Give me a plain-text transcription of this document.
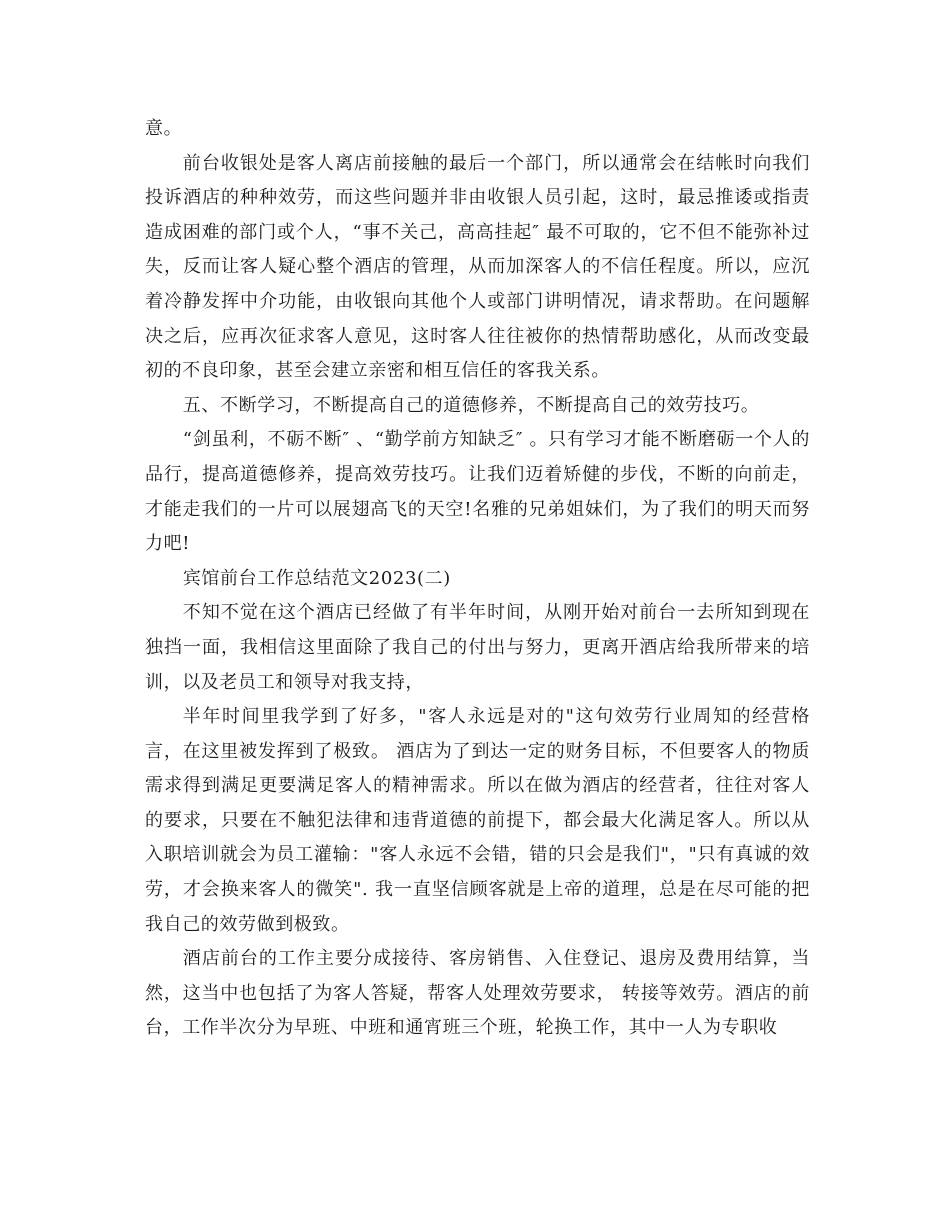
意。

前台收银处是客人离店前接触的最后一个部门，所以通常会在结帐时向我们投诉酒店的种种效劳，而这些问题并非由收银人员引起，这时，最忌推诿或指责造成困难的部门或个人，“事不关己，高高挂起″ 最不可取的，它不但不能弥补过失，反而让客人疑心整个酒店的管理，从而加深客人的不信任程度。所以，应沉着冷静发挥中介功能，由收银向其他个人或部门讲明情况，请求帮助。在问题解决之后，应再次征求客人意见，这时客人往往被你的热情帮助感化，从而改变最初的不良印象，甚至会建立亲密和相互信任的客我关系。

五、不断学习，不断提高自己的道德修养，不断提高自己的效劳技巧。

“剑虽利，不砺不断″ 、“勤学前方知缺乏″ 。只有学习才能不断磨砺一个人的品行，提高道德修养，提高效劳技巧。让我们迈着矫健的步伐，不断的向前走，才能走我们的一片可以展翅高飞的天空!名雅的兄弟姐妹们，为了我们的明天而努力吧!

宾馆前台工作总结范文2023(二)

不知不觉在这个酒店已经做了有半年时间，从刚开始对前台一去所知到现在独挡一面，我相信这里面除了我自己的付出与努力，更离开酒店给我所带来的培训，以及老员工和领导对我支持，

半年时间里我学到了好多，"客人永远是对的"这句效劳行业周知的经营格言，在这里被发挥到了极致。 酒店为了到达一定的财务目标，不但要客人的物质需求得到满足更要满足客人的精神需求。所以在做为酒店的经营者，往往对客人的要求，只要在不触犯法律和违背道德的前提下，都会最大化满足客人。所以从入职培训就会为员工灌输："客人永远不会错，错的只会是我们"，"只有真诚的效劳，才会换来客人的微笑". 我一直坚信顾客就是上帝的道理，总是在尽可能的把我自己的效劳做到极致。

酒店前台的工作主要分成接待、客房销售、入住登记、退房及费用结算，当然，这当中也包括了为客人答疑，帮客人处理效劳要求， 转接等效劳。酒店的前台，工作半次分为早班、中班和通宵班三个班，轮换工作，其中一人为专职收
